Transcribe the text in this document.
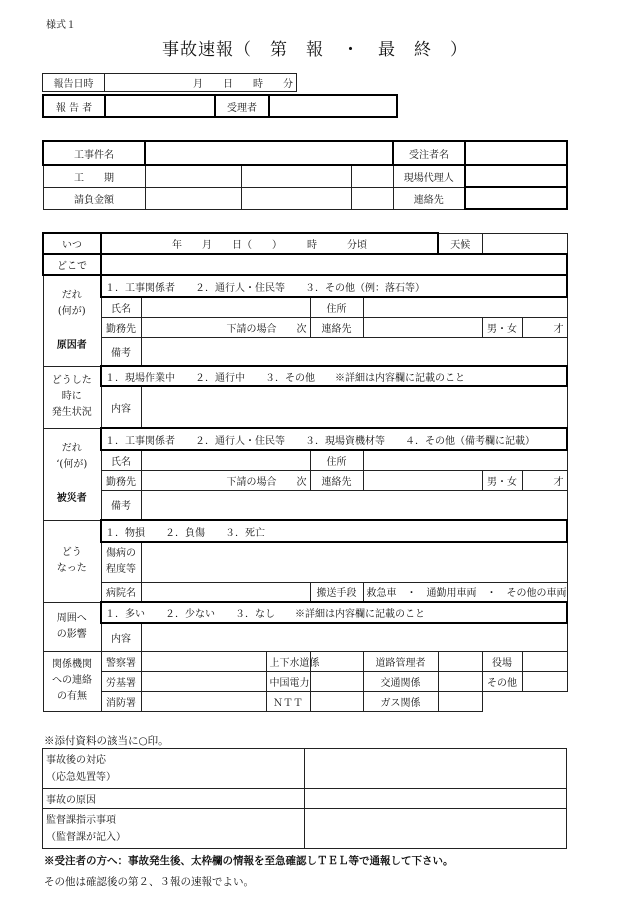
様式１
事故速報（　第　報　・　最　終　）
報告日時	月　　日　　時　　分
報 告 者		受理者	
工事件名				受注者名	
工　　期				現場代理人	
請負金額				連絡先	
いつ	年　　月　　日（　　）　　　時　　　分頃					天候		
どこで								

だれ
(何が)
原因者	１．工事関係者　　２．通行人・住民等　　３．その他（例：落石等）							
	氏名			住所				
	勤務先	下請の場合　　次		連絡先			男・女	才
	備考							

どうした
時に
発生状況	１．現場作業中　　２．通行中　　３．その他　　※詳細は内容欄に記載のこと							
	内容							

だれ
‘(何が)
被災者	１．工事関係者　　２．通行人・住民等　　３．現場資機材等　　４．その他（備考欄に記載）							
	氏名			住所				
	勤務先	下請の場合　　次		連絡先			男・女	才
	備考							

どう
なった	１．物損　　２．負傷　　３．死亡							

	傷病の
程度等							

	病院名			搬送手段	救急車　・　通勤用車両　・　その他の車両			

周囲へ
の影響	１．多い　　２．少ない　　３．なし　　※詳細は内容欄に記載のこと							
	内容							

関係機関
への連絡
の有無	警察署		上下水道係		道路管理者		役場	
	労基署		中国電力		交通関係		その他	
	消防署		ＮＴＴ		ガス関係			
※添付資料の該当に○印。
事故後の対応
（応急処置等）	

事故の原因	

監督課指示事項
（監督課が記入）	

※受注者の方へ：事故発生後、太枠欄の情報を至急確認しＴＥＬ等で通報して下さい。
その他は確認後の第２、３報の速報でよい。
